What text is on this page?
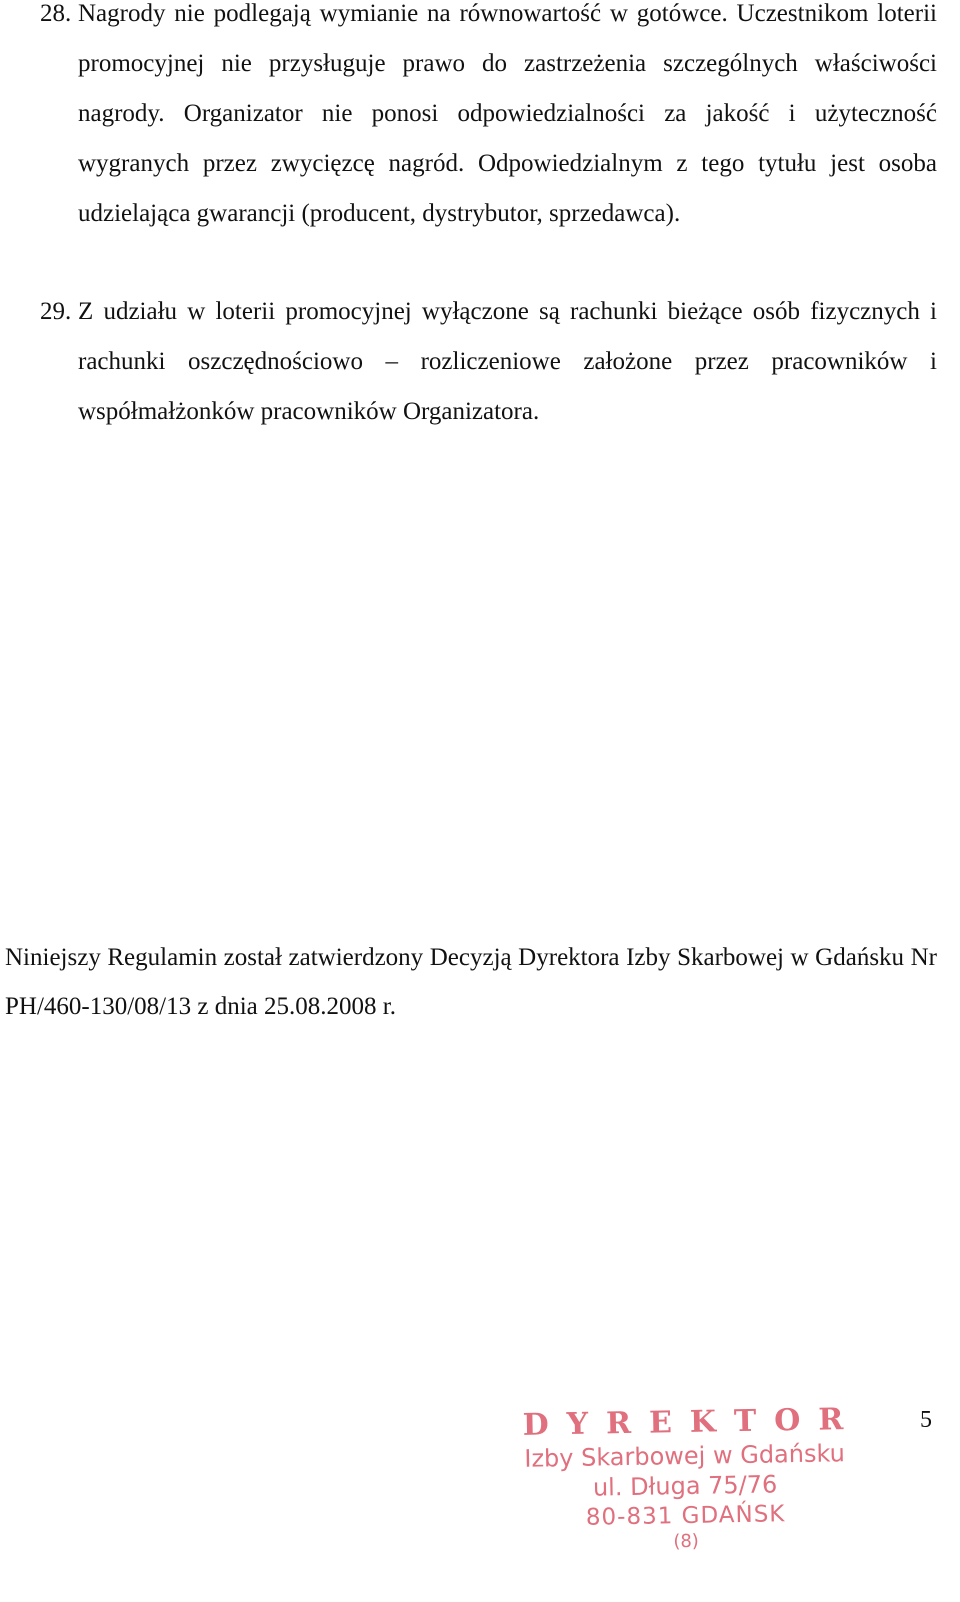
28. Nagrody nie podlegają wymianie na równowartość w gotówce. Uczestnikom loterii promocyjnej nie przysługuje prawo do zastrzeżenia szczególnych właściwości nagrody. Organizator nie ponosi odpowiedzialności za jakość i użyteczność wygranych przez zwycięzcę nagród. Odpowiedzialnym z tego tytułu jest osoba udzielająca gwarancji (producent, dystrybutor, sprzedawca).
29. Z udziału w loterii promocyjnej wyłączone są rachunki bieżące osób fizycznych i rachunki oszczędnościowo – rozliczeniowe założone przez pracowników i współmałżonków pracowników Organizatora.
Niniejszy Regulamin został zatwierdzony Decyzją Dyrektora Izby Skarbowej w Gdańsku Nr PH/460-130/08/13 z dnia 25.08.2008 r.
DYREKTOR
Izby Skarbowej w Gdańsku
ul. Długa 75/76
80-831 GDAŃSK
(8)
5
